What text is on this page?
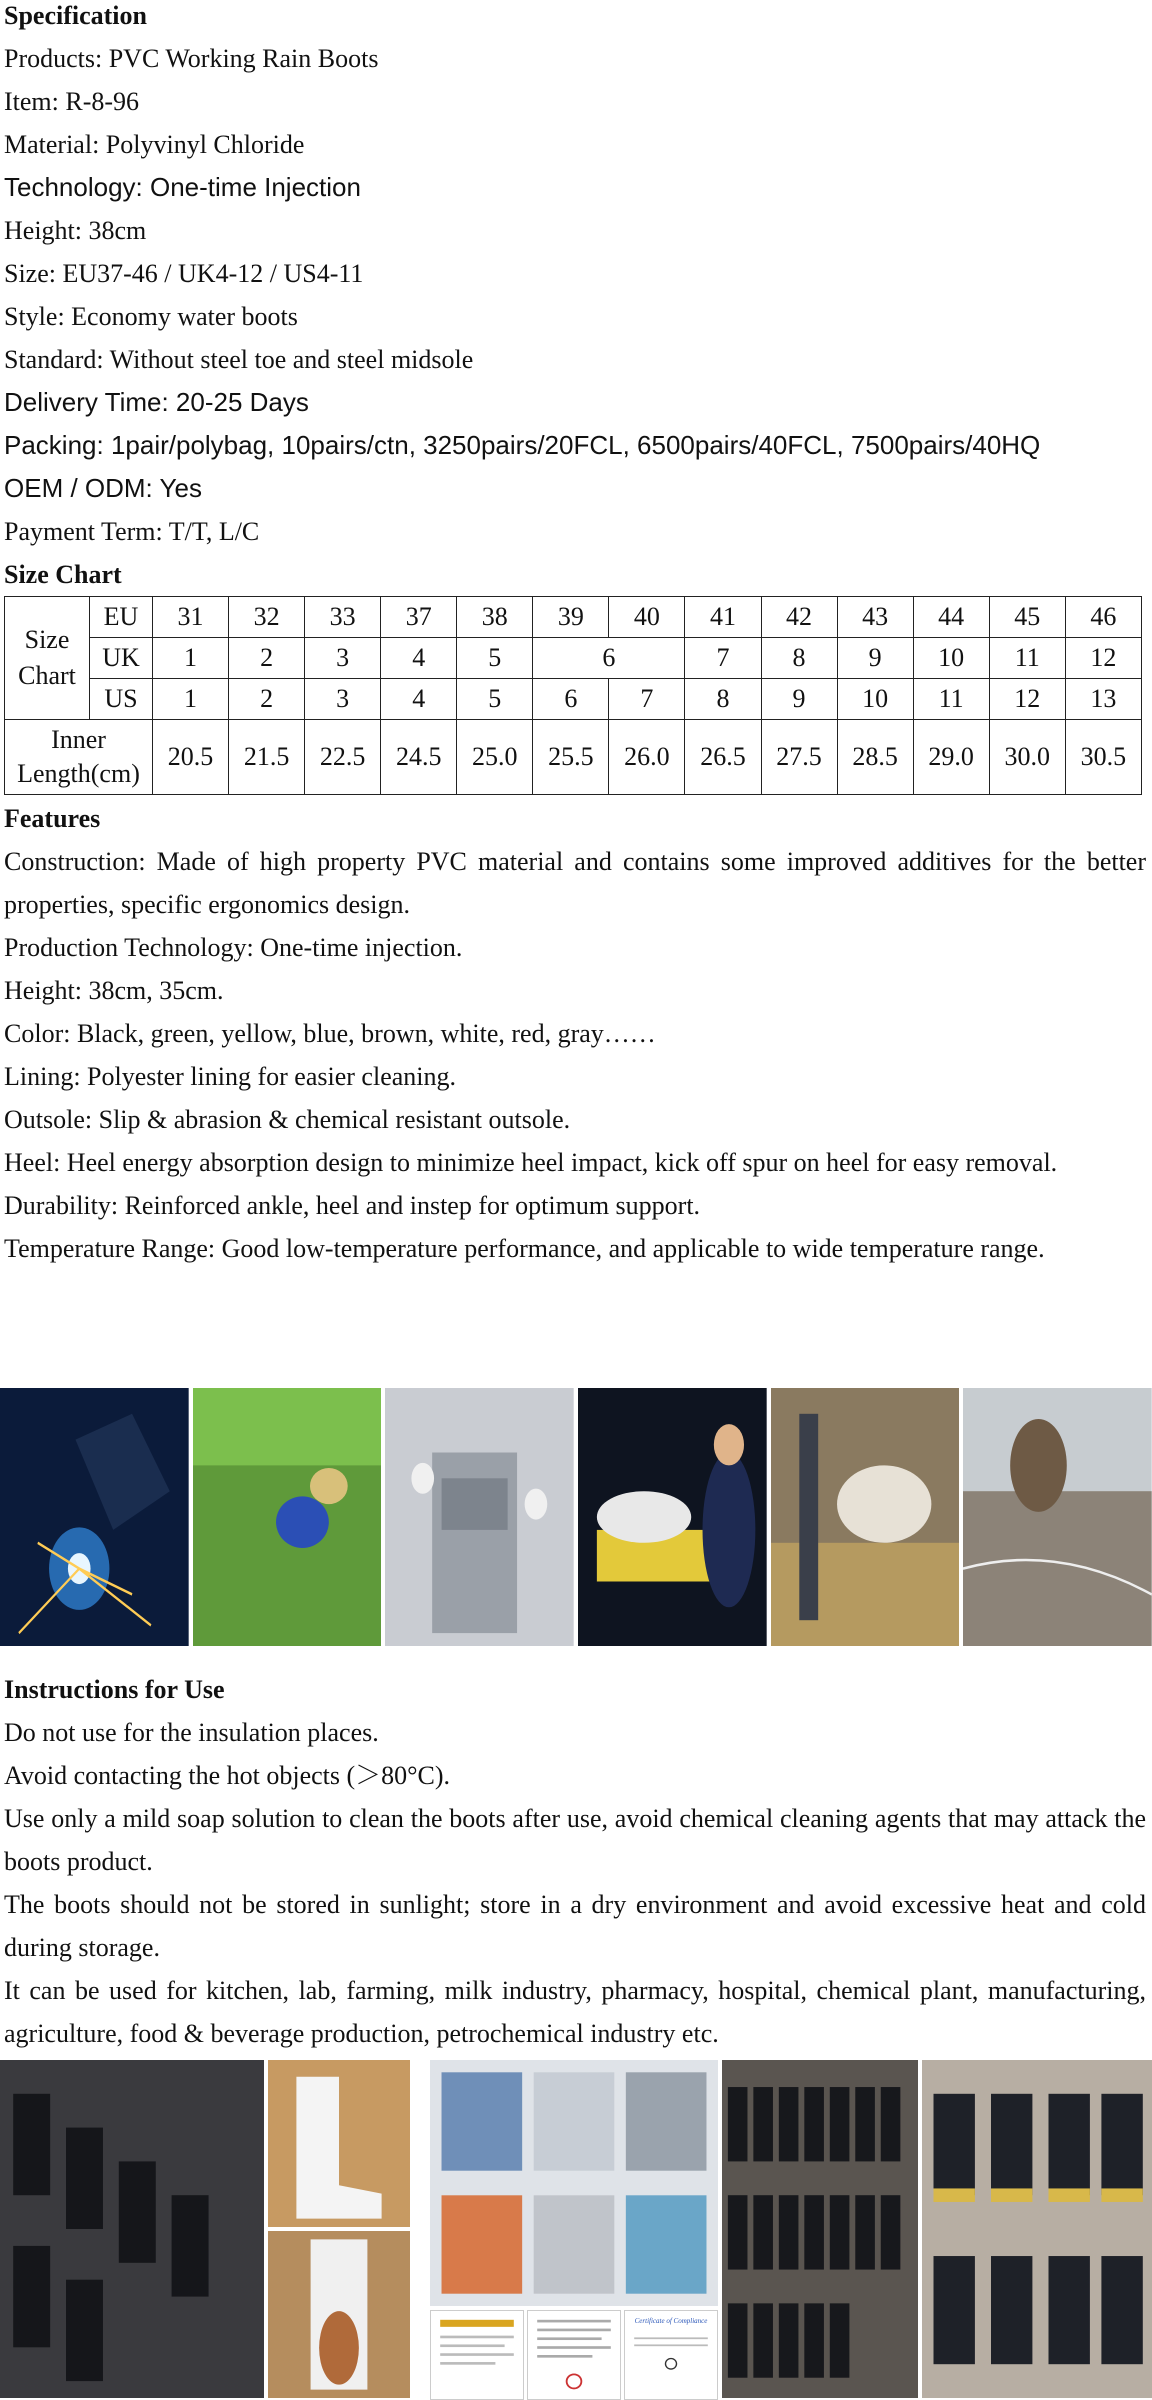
Specification
Products: PVC Working Rain Boots
Item: R-8-96
Material: Polyvinyl Chloride
Technology: One-time Injection
Height: 38cm
Size: EU37-46 / UK4-12 / US4-11
Style: Economy water boots
Standard: Without steel toe and steel midsole
Delivery Time: 20-25 Days
Packing: 1pair/polybag, 10pairs/ctn, 3250pairs/20FCL, 6500pairs/40FCL, 7500pairs/40HQ
OEM / ODM: Yes
Payment Term: T/T, L/C
Size Chart
Size
Chart	EU	31	32	33	37	38	39	40	41	42	43	44	45	46
	UK	1	2	3	4	5	6		7	8	9	10	11	12
	US	1	2	3	4	5	6	7	8	9	10	11	12	13

Inner
Length(cm)		20.5	21.5	22.5	24.5	25.0	25.5	26.0	26.5	27.5	28.5	29.0	30.0	30.5
Features
Construction: Made of high property PVC material and contains some improved additives for the better properties, specific ergonomics design.
Production Technology: One-time injection.
Height: 38cm, 35cm.
Color: Black, green, yellow, blue, brown, white, red, gray……
Lining: Polyester lining for easier cleaning.
Outsole: Slip & abrasion & chemical resistant outsole.
Heel: Heel energy absorption design to minimize heel impact, kick off spur on heel for easy removal.
Durability: Reinforced ankle, heel and instep for optimum support.
Temperature Range: Good low-temperature performance, and applicable to wide temperature range.
Instructions for Use
Do not use for the insulation places.
Avoid contacting the hot objects (＞80°C).
Use only a mild soap solution to clean the boots after use, avoid chemical cleaning agents that may attack the boots product.
The boots should not be stored in sunlight; store in a dry environment and avoid excessive heat and cold during storage.
It can be used for kitchen, lab, farming, milk industry, pharmacy, hospital, chemical plant, manufacturing, agriculture, food & beverage production, petrochemical industry etc.
Certificate of Compliance
